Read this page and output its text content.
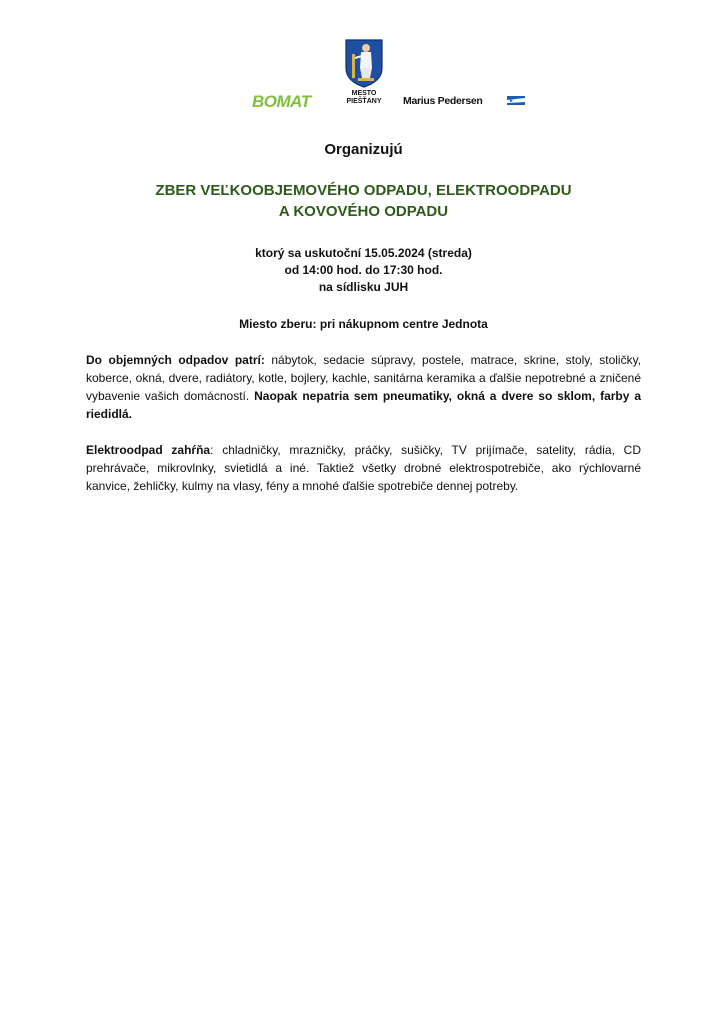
BOMAT	MESTO
PIEŠŤANY	Marius Pedersen
Organizujú
ZBER VEĽKOOBJEMOVÉHO ODPADU, ELEKTROODPADU
A KOVOVÉHO ODPADU
ktorý sa uskutoční 15.05.2024 (streda)
od 14:00 hod. do 17:30 hod.
na sídlisku JUH
Miesto zberu: pri nákupnom centre Jednota
Do objemných odpadov patrí: nábytok, sedacie súpravy, postele, matrace, skrine, stoly, stoličky, koberce, okná, dvere, radiátory, kotle, bojlery, kachle, sanitárna keramika a ďalšie nepotrebné a zničené vybavenie vašich domácností. Naopak nepatria sem pneumatiky, okná a dvere so sklom, farby a riedidlá.
Elektroodpad zahŕňa: chladničky, mrazničky, práčky, sušičky, TV prijímače, satelity, rádia, CD prehrávače, mikrovlnky, svietidlá a iné. Taktiež všetky drobné elektrospotrebiče, ako rýchlovarné kanvice, žehličky, kulmy na vlasy, fény a mnohé ďalšie spotrebiče dennej potreby.
